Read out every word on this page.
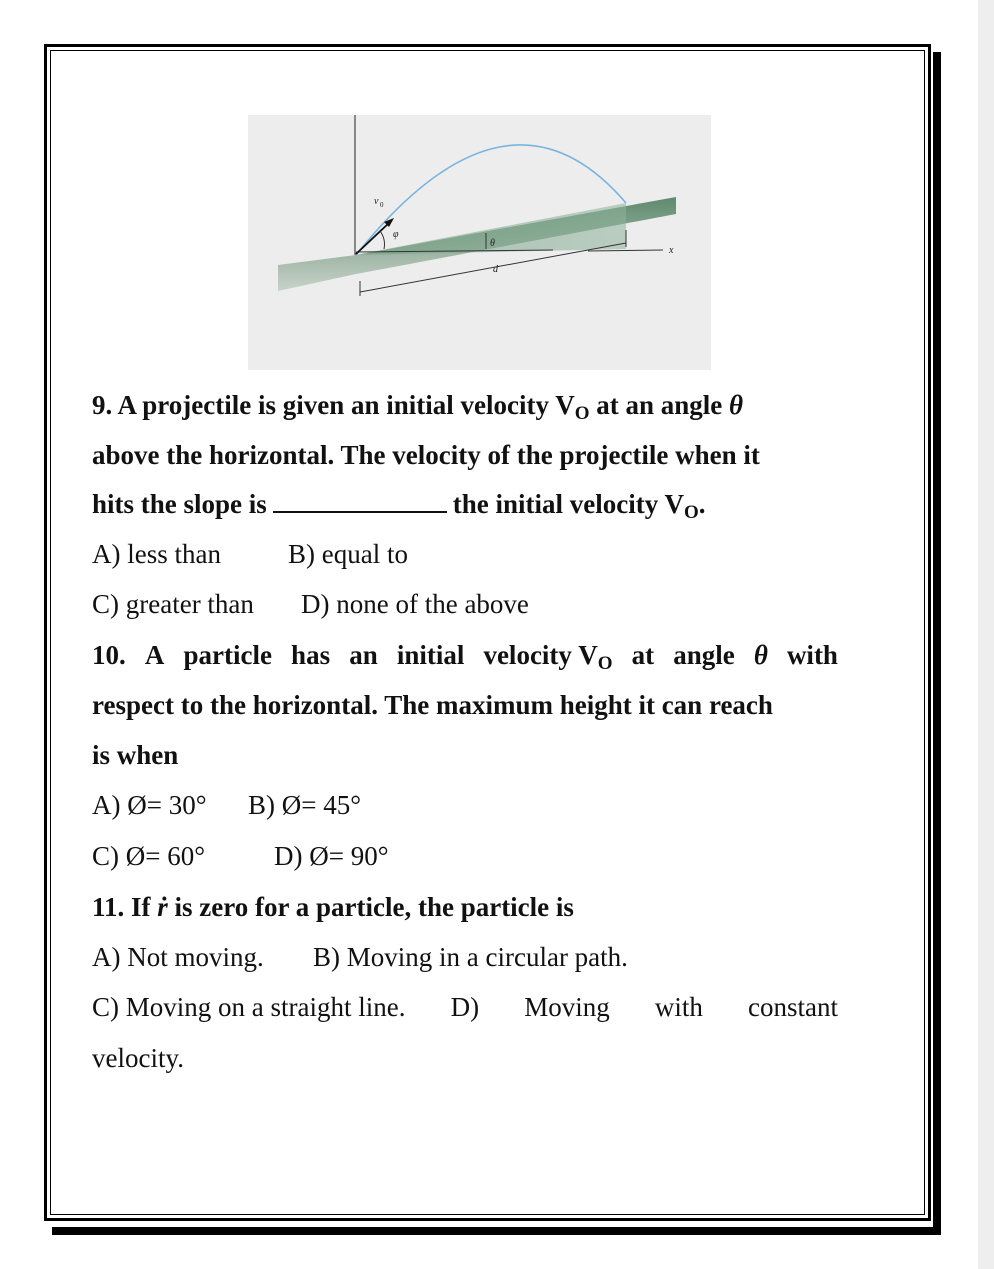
v 0
φ
θ
d
x
9. A projectile is given an initial velocity VO at an angle θ
above the horizontal. The velocity of the projectile when it
hits the slope is	the initial velocity VO.
A) less than B) equal to
C) greater than D) none of the above
10. A particle has an initial velocity VO at angle θ with
respect to the horizontal. The maximum height it can reach
is when
A) Ø= 30° B) Ø= 45°
C) Ø= 60°	D) Ø= 90°
11. If ṙ is zero for a particle, the particle is
A) Not moving. B) Moving in a circular path.
C) Moving on a straight line. D) Moving with constant
velocity.
